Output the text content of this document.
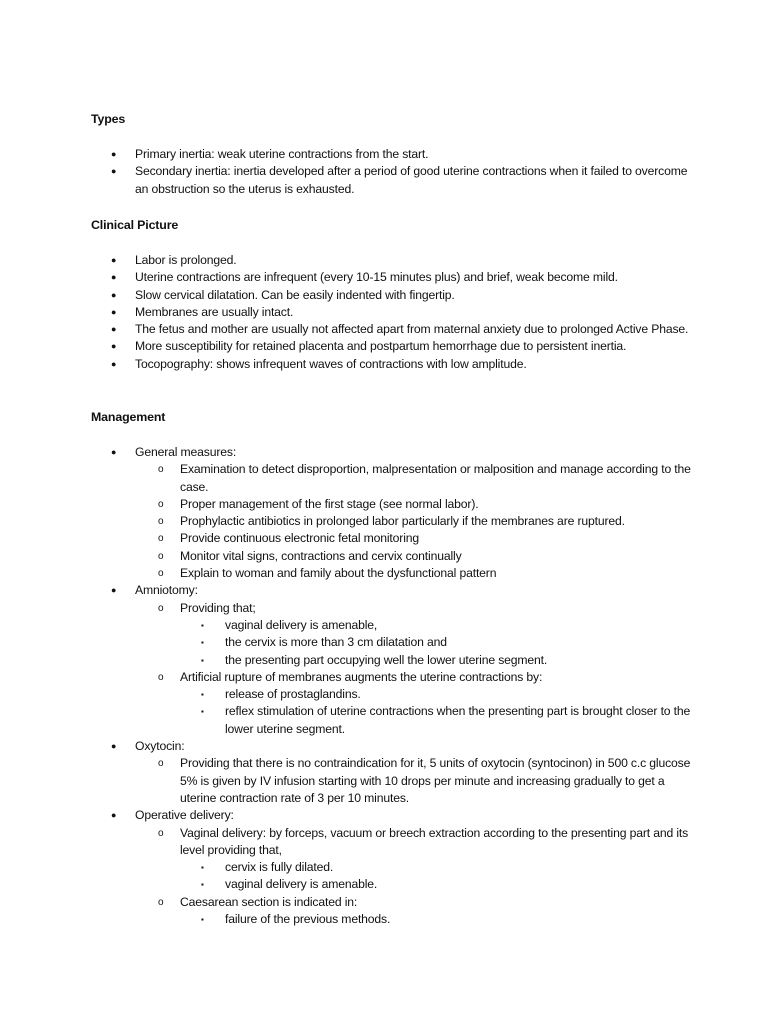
Types
● Primary inertia: weak uterine contractions from the start.
● Secondary inertia: inertia developed after a period of good uterine contractions when it failed to overcome an obstruction so the uterus is exhausted.
Clinical Picture
● Labor is prolonged.
● Uterine contractions are infrequent (every 10-15 minutes plus) and brief, weak become mild.
● Slow cervical dilatation. Can be easily indented with fingertip.
● Membranes are usually intact.
● The fetus and mother are usually not affected apart from maternal anxiety due to prolonged Active Phase.
● More susceptibility for retained placenta and postpartum hemorrhage due to persistent inertia.
● Tocopography: shows infrequent waves of contractions with low amplitude.
Management
● General measures:
o Examination to detect disproportion, malpresentation or malposition and manage according to the case.
o Proper management of the first stage (see normal labor).
o Prophylactic antibiotics in prolonged labor particularly if the membranes are ruptured.
o Provide continuous electronic fetal monitoring
o Monitor vital signs, contractions and cervix continually
o Explain to woman and family about the dysfunctional pattern
● Amniotomy:
o Providing that;
▪ vaginal delivery is amenable,
▪ the cervix is more than 3 cm dilatation and
▪ the presenting part occupying well the lower uterine segment.
o Artificial rupture of membranes augments the uterine contractions by:
▪ release of prostaglandins.
▪ reflex stimulation of uterine contractions when the presenting part is brought closer to the lower uterine segment.
● Oxytocin:
o Providing that there is no contraindication for it, 5 units of oxytocin (syntocinon) in 500 c.c glucose 5% is given by IV infusion starting with 10 drops per minute and increasing gradually to get a uterine contraction rate of 3 per 10 minutes.
● Operative delivery:
o Vaginal delivery: by forceps, vacuum or breech extraction according to the presenting part and its level providing that,
▪ cervix is fully dilated.
▪ vaginal delivery is amenable.
o Caesarean section is indicated in:
▪ failure of the previous methods.
